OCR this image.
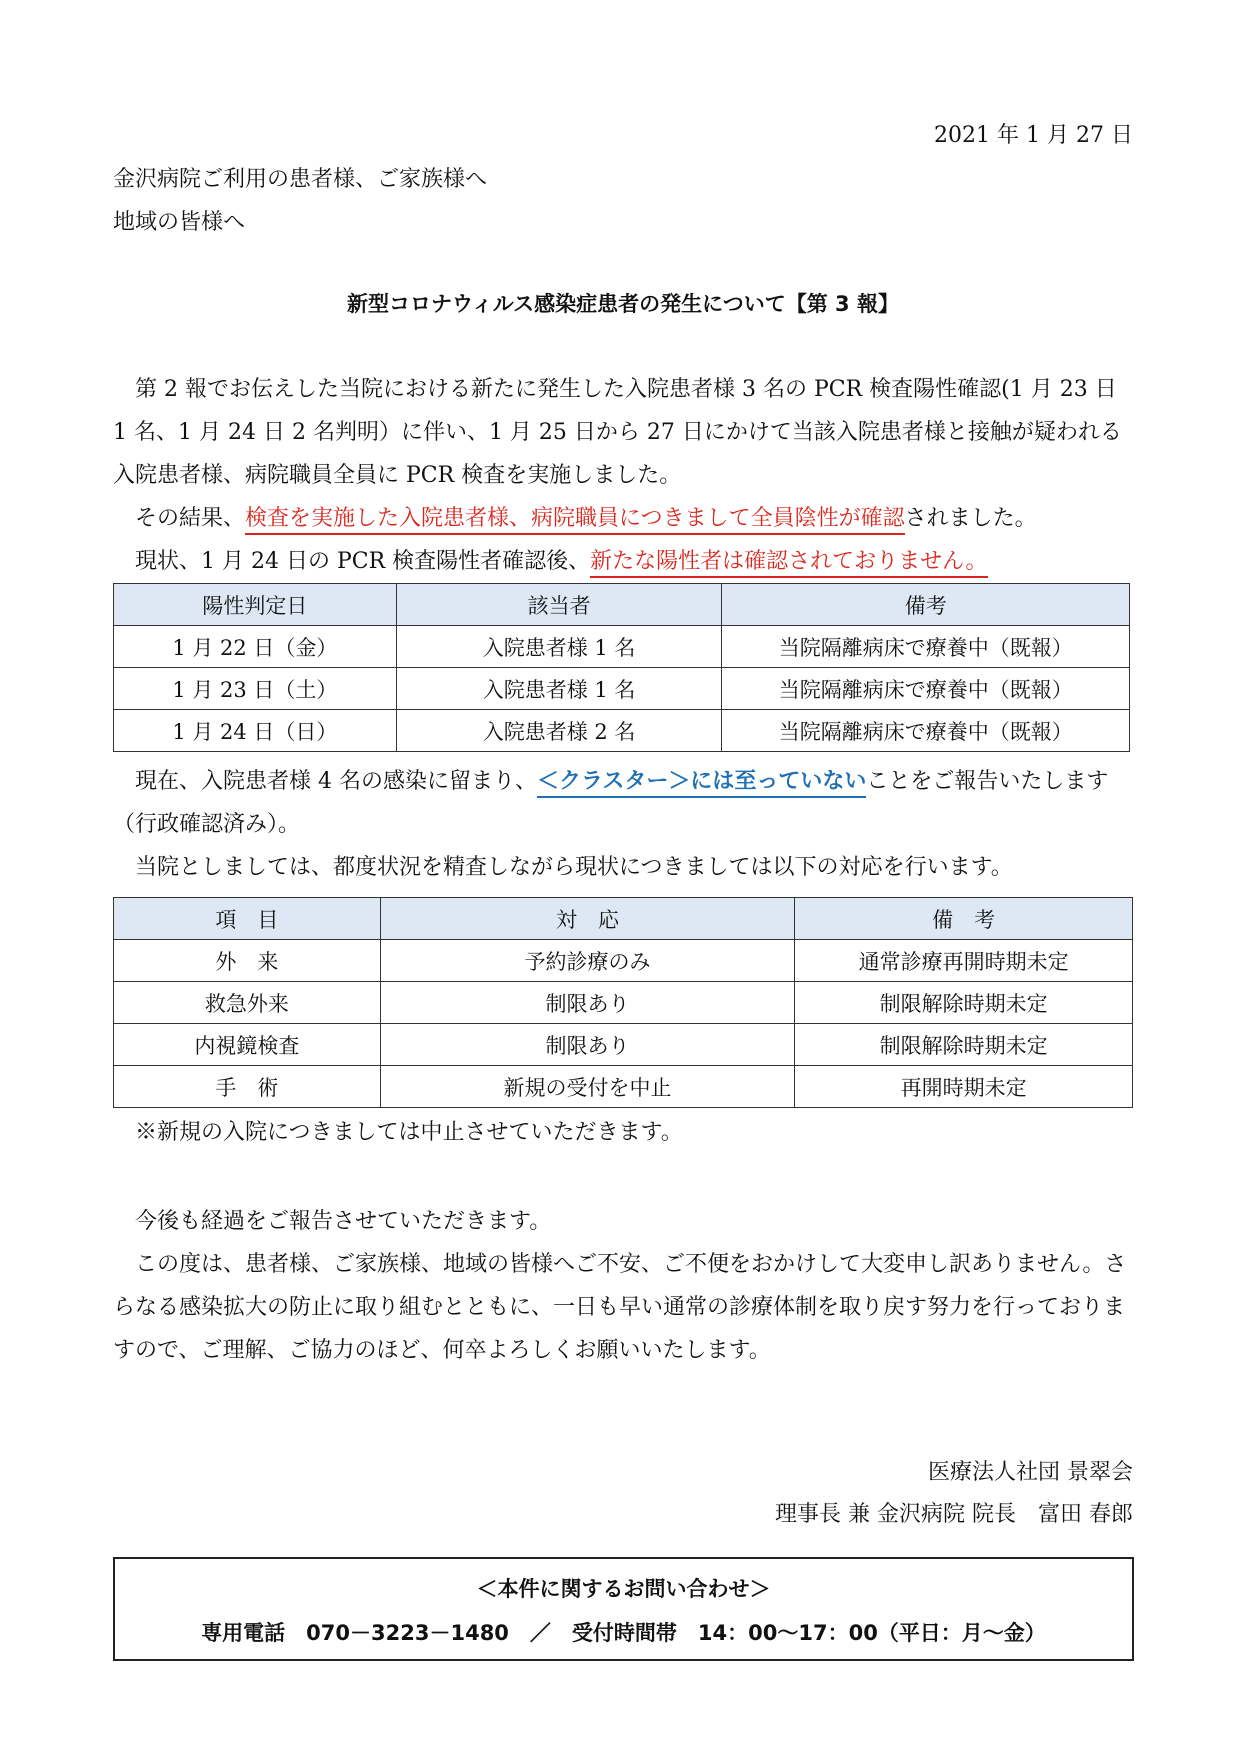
2021 年 1 月 27 日
金沢病院ご利用の患者様、ご家族様へ
地域の皆様へ
新型コロナウィルス感染症患者の発生について【第 3 報】

第 2 報でお伝えした当院における新たに発生した入院患者様 3 名の PCR 検査陽性確認(1 月 23 日 1 名、1 月 24 日 2 名判明）に伴い、1 月 25 日から 27 日にかけて当該入院患者様と接触が疑われる入院患者様、病院職員全員に PCR 検査を実施しました。

その結果、検査を実施した入院患者様、病院職員につきまして全員陰性が確認されました。

現状、1 月 24 日の PCR 検査陽性者確認後、新たな陽性者は確認されておりません。

陽性判定日	該当者	備考
1 月 22 日（金）	入院患者様 1 名	当院隔離病床で療養中（既報）
1 月 23 日（土）	入院患者様 1 名	当院隔離病床で療養中（既報）
1 月 24 日（日）	入院患者様 2 名	当院隔離病床で療養中（既報）

現在、入院患者様 4 名の感染に留まり、＜クラスター＞には至っていないことをご報告いたします（行政確認済み）。

当院としましては、都度状況を精査しながら現状につきましては以下の対応を行います。

項　目	対　応	備　考
外　来	予約診療のみ	通常診療再開時期未定
救急外来	制限あり	制限解除時期未定
内視鏡検査	制限あり	制限解除時期未定
手　術	新規の受付を中止	再開時期未定
※新規の入院につきましては中止させていただきます。

今後も経過をご報告させていただきます。

この度は、患者様、ご家族様、地域の皆様へご不安、ご不便をおかけして大変申し訳ありません。さらなる感染拡大の防止に取り組むとともに、一日も早い通常の診療体制を取り戻す努力を行っておりますので、ご理解、ご協力のほど、何卒よろしくお願いいたします。

医療法人社団 景翠会
理事長 兼 金沢病院 院長　富田 春郎
＜本件に関するお問い合わせ＞
専用電話　070－3223－1480　／　受付時間帯　14：00～17：00（平日：月～金）
